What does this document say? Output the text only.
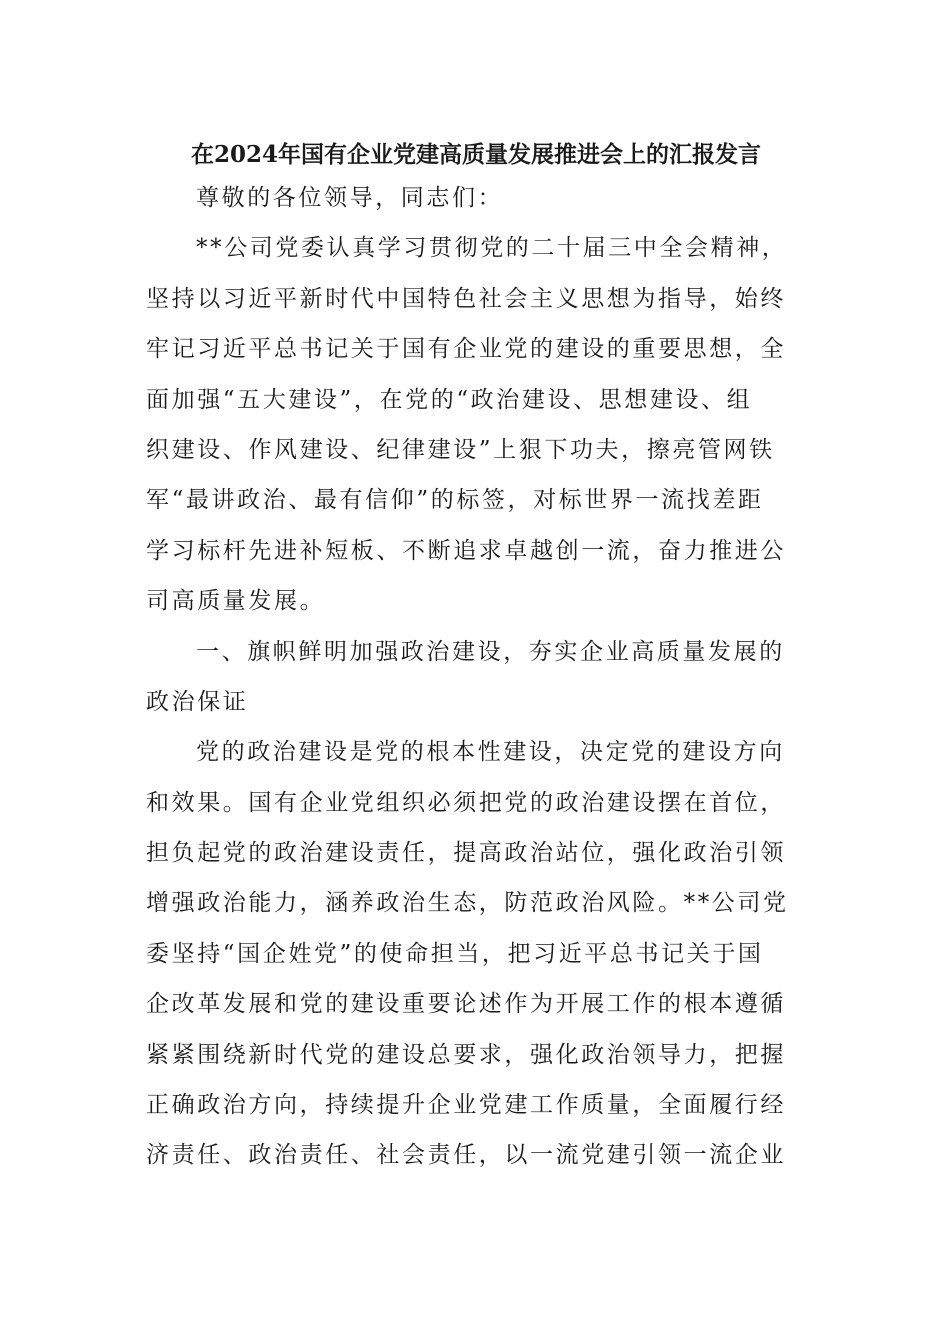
在2024年国有企业党建高质量发展推进会上的汇报发言
尊敬的各位领导，同志们：
**公司党委认真学习贯彻党的二十届三中全会精神，
坚持以习近平新时代中国特色社会主义思想为指导，始终
牢记习近平总书记关于国有企业党的建设的重要思想，全
面加强“五大建设”，在党的“政治建设、思想建设、组
织建设、作风建设、纪律建设”上狠下功夫，擦亮管网铁
军“最讲政治、最有信仰”的标签，对标世界一流找差距
学习标杆先进补短板、不断追求卓越创一流，奋力推进公
司高质量发展。
一、旗帜鲜明加强政治建设，夯实企业高质量发展的
政治保证
党的政治建设是党的根本性建设，决定党的建设方向
和效果。国有企业党组织必须把党的政治建设摆在首位，
担负起党的政治建设责任，提高政治站位，强化政治引领
增强政治能力，涵养政治生态，防范政治风险。**公司党
委坚持“国企姓党”的使命担当，把习近平总书记关于国
企改革发展和党的建设重要论述作为开展工作的根本遵循
紧紧围绕新时代党的建设总要求，强化政治领导力，把握
正确政治方向，持续提升企业党建工作质量，全面履行经
济责任、政治责任、社会责任，以一流党建引领一流企业
